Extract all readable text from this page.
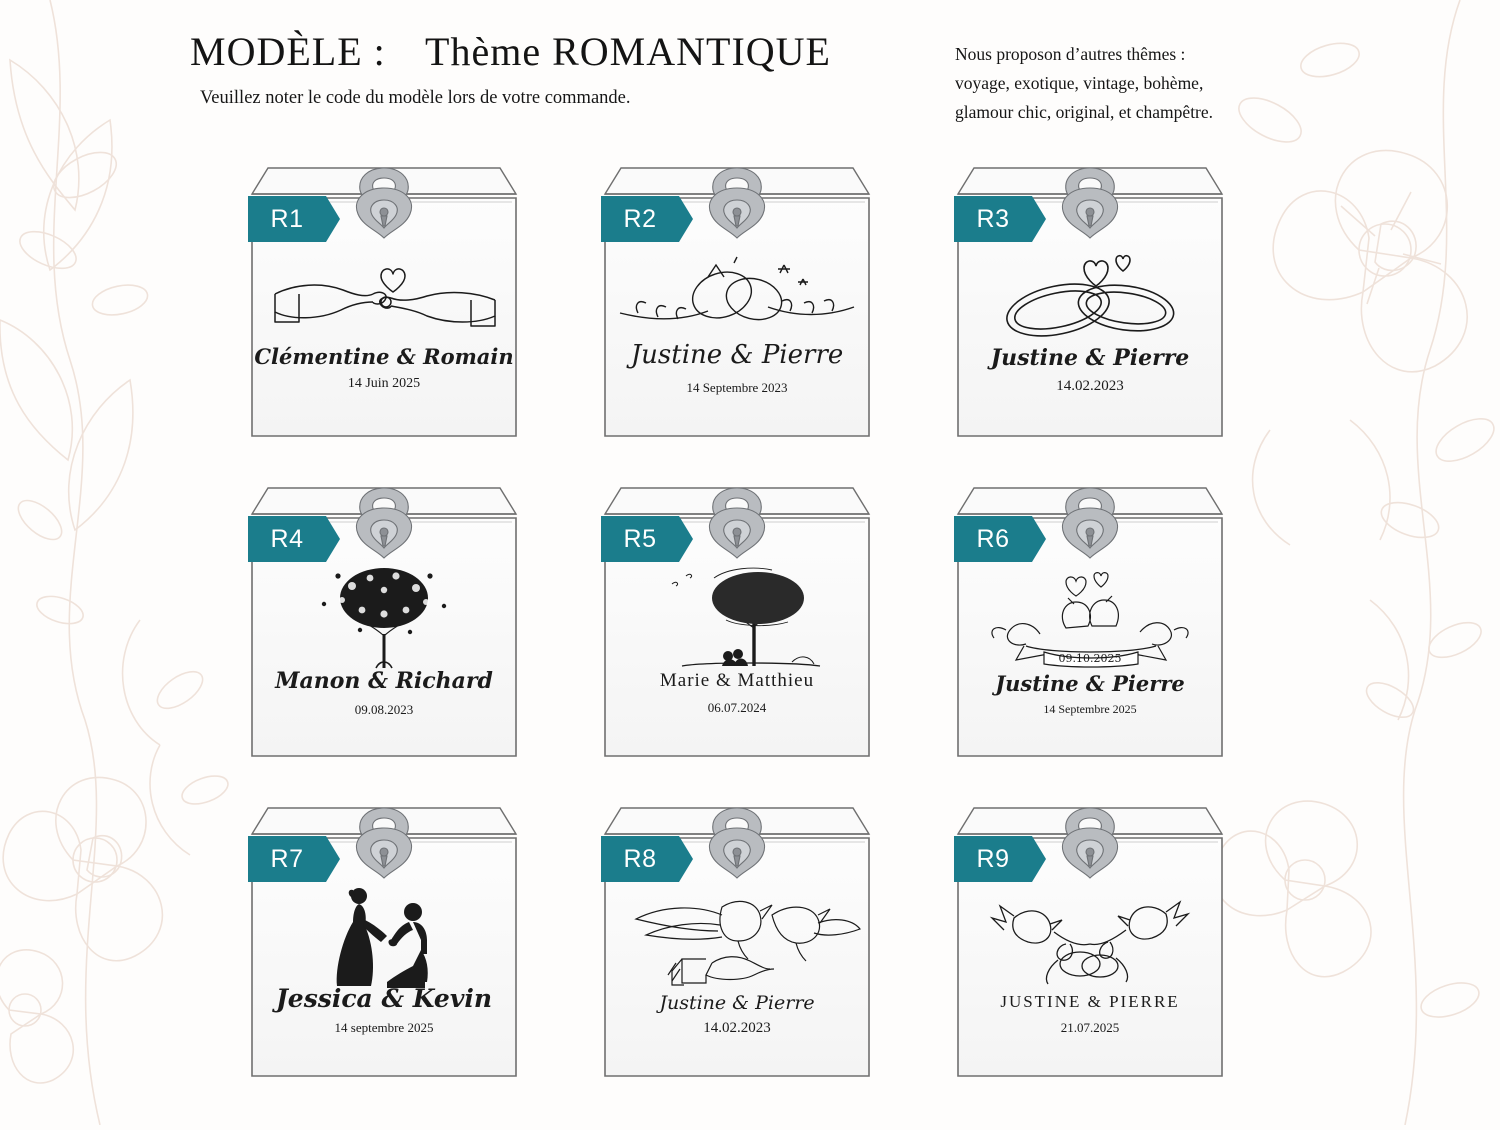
MODÈLE : Thème ROMANTIQUE
Veuillez noter le code du modèle lors de votre commande.
Nous proposon d’autres thêmes :
voyage, exotique, vintage, bohème,
glamour chic, original, et champêtre.
R1
Clémentine & Romain
14 Juin 2025
R2
Justine & Pierre
14 Septembre 2023
R3
Justine & Pierre
14.02.2023
R4
Manon & Richard
09.08.2023
R5
Marie & Matthieu
06.07.2024
R6
09.10.2025
Justine & Pierre
14 Septembre 2025
R7
Jessica & Kevin
14 septembre 2025
R8
Justine & Pierre
14.02.2023
R9
JUSTINE & PIERRE
21.07.2025
